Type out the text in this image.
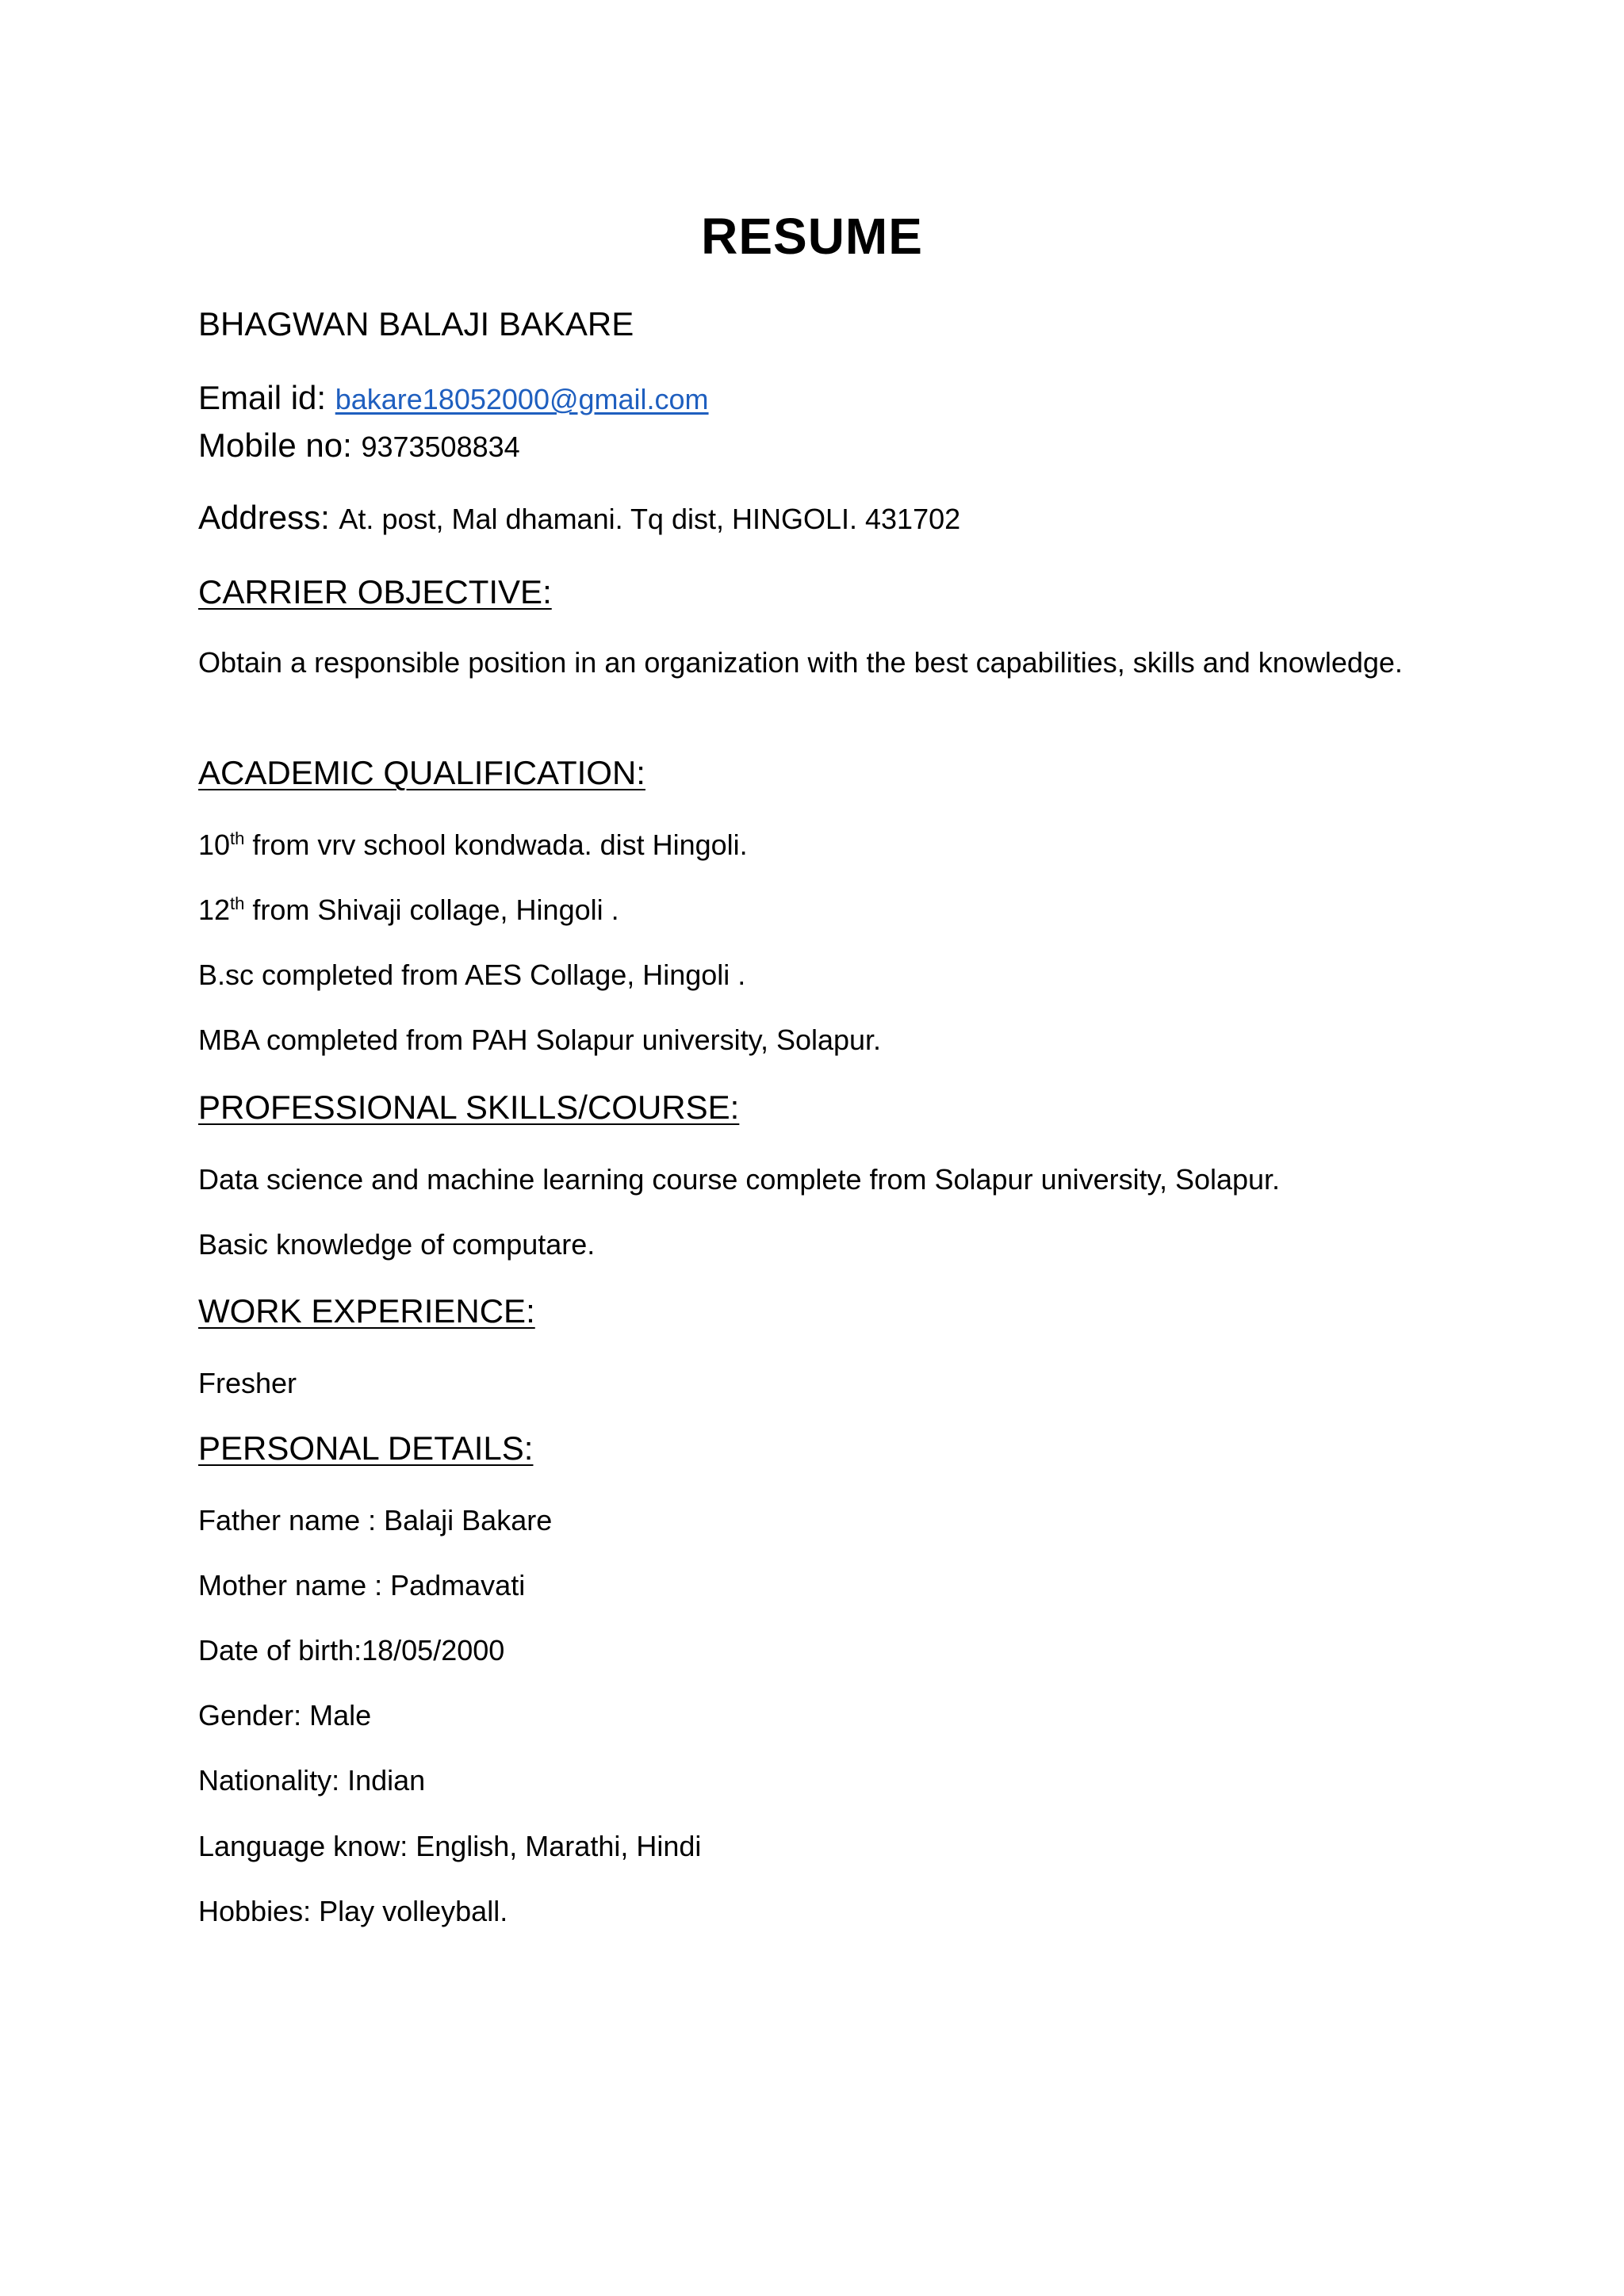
RESUME
BHAGWAN BALAJI BAKARE
Email id: bakare18052000@gmail.com
Mobile no: 9373508834
Address: At. post, Mal dhamani. Tq dist, HINGOLI. 431702
CARRIER OBJECTIVE:
Obtain a responsible position in an organization with the best capabilities, skills and knowledge.
ACADEMIC QUALIFICATION:
10th from vrv school kondwada. dist Hingoli.
12th from Shivaji collage, Hingoli .
B.sc completed from AES Collage, Hingoli .
MBA completed from PAH Solapur university, Solapur.
PROFESSIONAL SKILLS/COURSE:
Data science and machine learning course complete from Solapur university, Solapur.
Basic knowledge of computare.
WORK EXPERIENCE:
Fresher
PERSONAL DETAILS:
Father name : Balaji Bakare
Mother name : Padmavati
Date of birth:18/05/2000
Gender: Male
Nationality: Indian
Language know: English, Marathi, Hindi
Hobbies: Play volleyball.
